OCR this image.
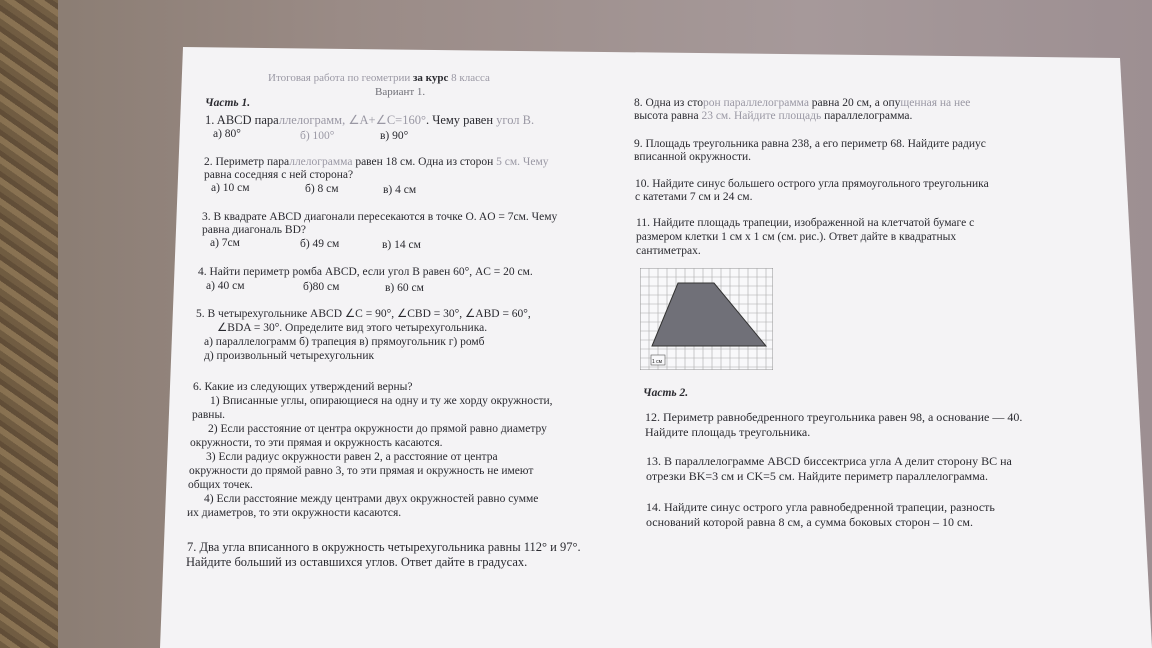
Итоговая работа по геометрии за курс 8 класса
Вариант 1.
Часть 1.
1. ABCD параллелограмм, ∠A+∠C=160°. Чему равен угол B.
а) 80°	б) 100°	в) 90°
2. Периметр параллелограмма равен 18 см. Одна из сторон 5 см. Чему
равна соседняя с ней сторона?
а) 10 см	б) 8 см	в) 4 см
3. В квадрате ABCD диагонали пересекаются в точке O. AO = 7см. Чему
равна диагональ BD?
а) 7см	б) 49 см	в) 14 см
4. Найти периметр ромба ABCD, если угол B равен 60°, AC = 20 см.
а) 40 см	б)80 см	в) 60 см
5. В четырехугольнике ABCD ∠C = 90°, ∠CBD = 30°, ∠ABD = 60°,
∠BDA = 30°. Определите вид этого четырехугольника.
а) параллелограмм б) трапеция в) прямоугольник г) ромб
д) произвольный четырехугольник
6. Какие из следующих утверждений верны?
1) Вписанные углы, опирающиеся на одну и ту же хорду окружности,
равны.
2) Если расстояние от центра окружности до прямой равно диаметру
окружности, то эти прямая и окружность касаются.
3) Если радиус окружности равен 2, а расстояние от центра
окружности до прямой равно 3, то эти прямая и окружность не имеют
общих точек.
4) Если расстояние между центрами двух окружностей равно сумме
их диаметров, то эти окружности касаются.
7. Два угла вписанного в окружность четырехугольника равны 112° и 97°.
Найдите больший из оставшихся углов. Ответ дайте в градусах.
8. Одна из сторон параллелограмма равна 20 см, а опущенная на нее
высота равна 23 см. Найдите площадь параллелограмма.
9. Площадь треугольника равна 238, а его периметр 68. Найдите радиус
вписанной окружности.
10. Найдите синус большего острого угла прямоугольного треугольника
с катетами 7 см и 24 см.
11. Найдите площадь трапеции, изображенной на клетчатой бумаге с
размером клетки 1 см х 1 см (см. рис.). Ответ дайте в квадратных
сантиметрах.
1 см
Часть 2.
12. Периметр равнобедренного треугольника равен 98, а основание — 40.
Найдите площадь треугольника.
13. В параллелограмме ABCD биссектриса угла A делит сторону BC на
отрезки BK=3 см и CK=5 см. Найдите периметр параллелограмма.
14. Найдите синус острого угла равнобедренной трапеции, разность
оснований которой равна 8 см, а сумма боковых сторон – 10 см.
